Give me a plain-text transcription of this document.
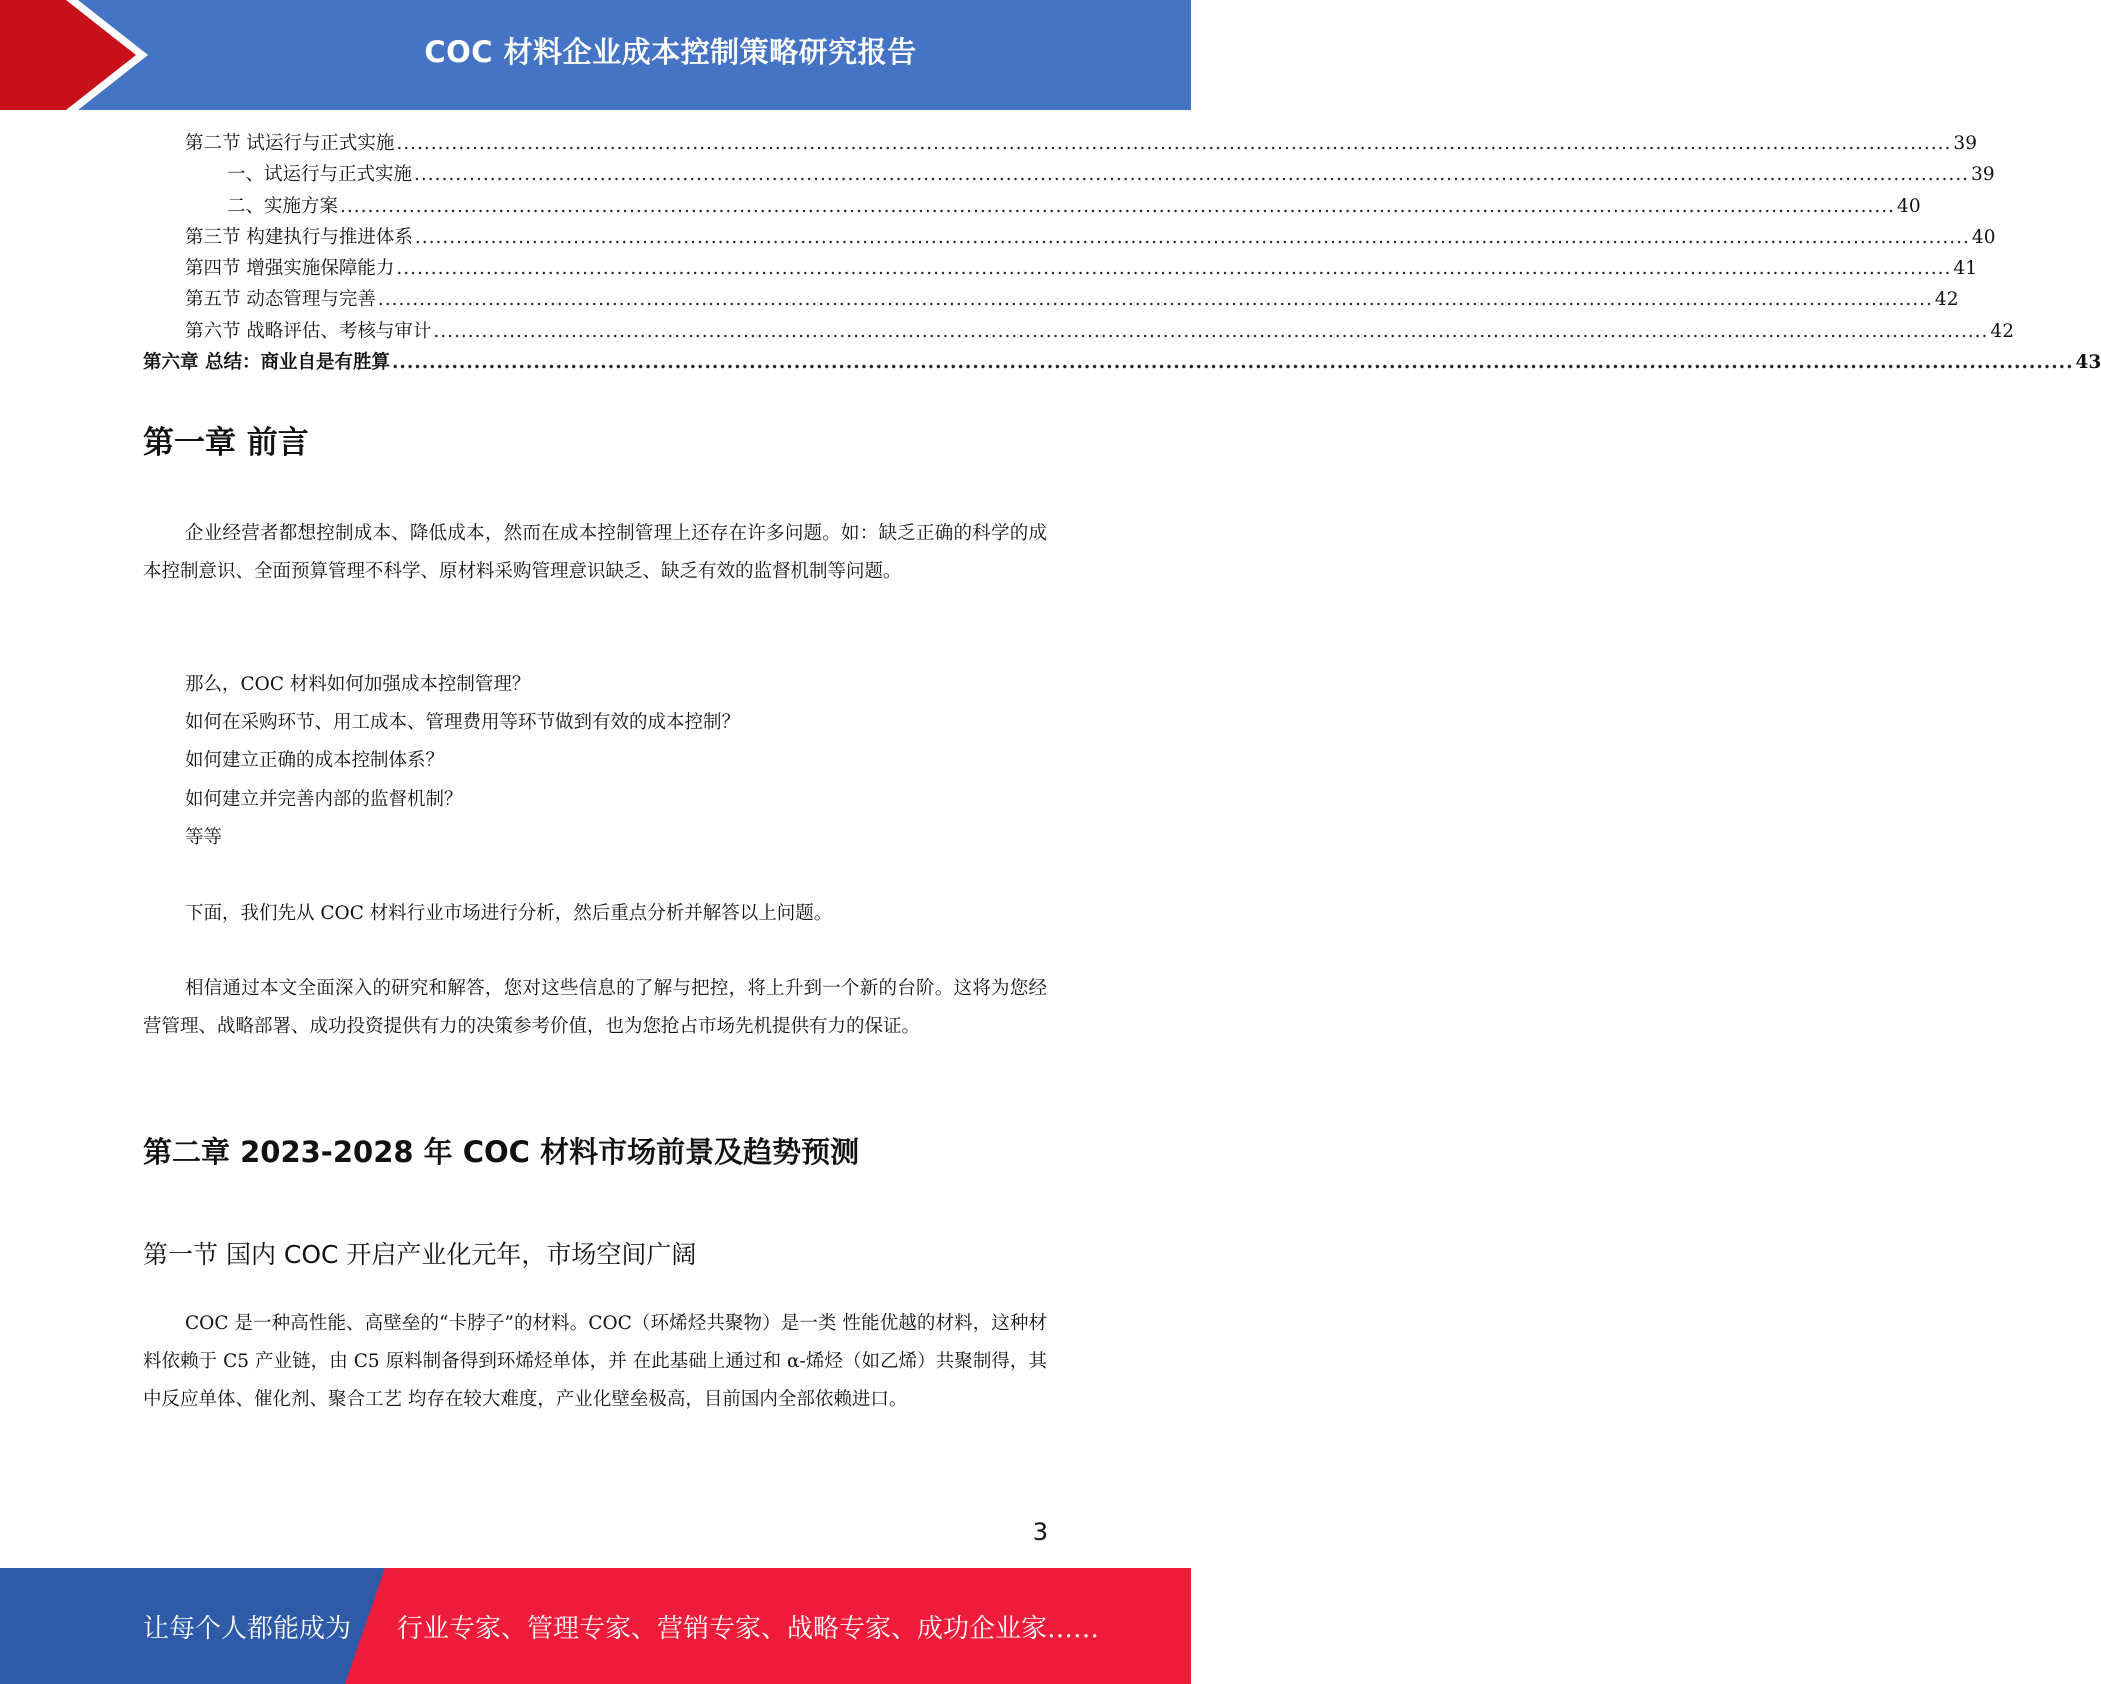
COC 材料企业成本控制策略研究报告
第二节 试运行与正式实施 .................................................................................................................................................................................................................................. 39
一、试运行与正式实施 .................................................................................................................................................................................................................................. 39
二、实施方案 .................................................................................................................................................................................................................................. 40
第三节 构建执行与推进体系 .................................................................................................................................................................................................................................. 40
第四节 增强实施保障能力 .................................................................................................................................................................................................................................. 41
第五节 动态管理与完善 .................................................................................................................................................................................................................................. 42
第六节 战略评估、考核与审计 .................................................................................................................................................................................................................................. 42
第六章 总结：商业自是有胜算 .................................................................................................................................................................................................................................. 43
第一章 前言

企业经营者都想控制成本、降低成本，然而在成本控制管理上还存在许多问题。如：缺乏正确的科学的成本控制意识、全面预算管理不科学、原材料采购管理意识缺乏、缺乏有效的监督机制等问题。

那么，COC 材料如何加强成本控制管理？
如何在采购环节、用工成本、管理费用等环节做到有效的成本控制？
如何建立正确的成本控制体系？
如何建立并完善内部的监督机制？
等等

下面，我们先从 COC 材料行业市场进行分析，然后重点分析并解答以上问题。

相信通过本文全面深入的研究和解答，您对这些信息的了解与把控，将上升到一个新的台阶。这将为您经营管理、战略部署、成功投资提供有力的决策参考价值，也为您抢占市场先机提供有力的保证。

第二章 2023-2028 年 COC 材料市场前景及趋势预测
第一节 国内 COC 开启产业化元年，市场空间广阔

COC 是一种高性能、高壁垒的“卡脖子”的材料。COC（环烯烃共聚物）是一类 性能优越的材料，这种材料依赖于 C5 产业链，由 C5 原料制备得到环烯烃单体，并 在此基础上通过和 α-烯烃（如乙烯）共聚制得，其中反应单体、催化剂、聚合工艺 均存在较大难度，产业化壁垒极高，目前国内全部依赖进口。

3
让每个人都能成为 行业专家、管理专家、营销专家、战略专家、成功企业家……
